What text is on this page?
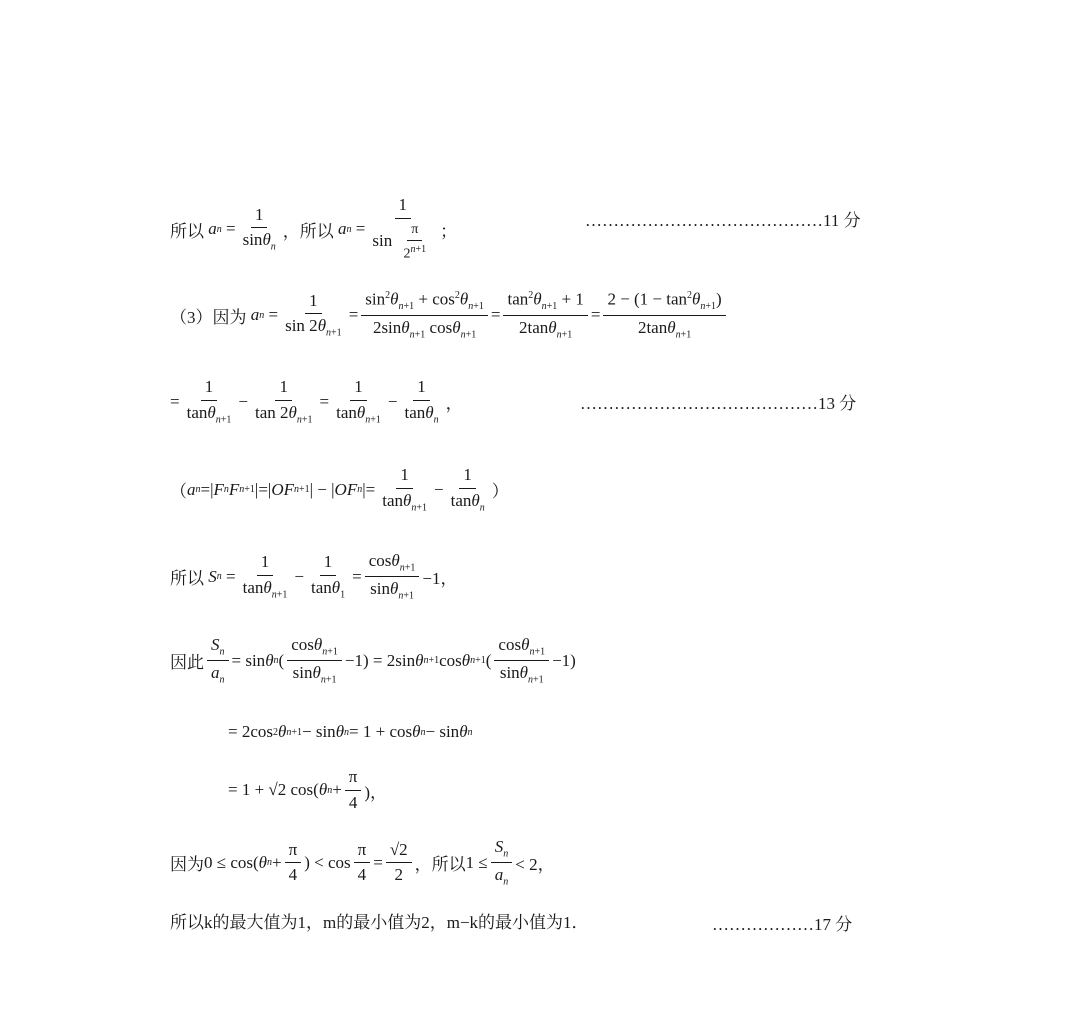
所以 a $n = \frac{1}{\sin\theta_n}$ ，所以 a $n = \frac{1}{\sin \frac{\pi}{2^{n+1}}}$ ；
……………………………………11 分
（3）因为 a $n = \frac{1}{\sin 2\theta_{n+1}} = \frac{\sin^2\theta_{n+1} + \cos^2\theta_{n+1}}{2\sin\theta_{n+1} \cos\theta_{n+1}} = \frac{\tan^2\theta_{n+1} + 1}{2\tan\theta_{n+1}} = \frac{2 - (1 - \tan^2\theta_{n+1})}{2\tan\theta_{n+1}}$
= $\frac{1}{\tan\theta_{n+1}} - \frac{1}{\tan 2\theta_{n+1}} = \frac{1}{\tan\theta_{n+1}} - \frac{1}{\tan\theta_n}$ ，	……………………………………13 分
（ a n =| F n F n+1 |=| OF n+1 | − | OF n |= $\frac{1}{\tan\theta_{n+1}} - \frac{1}{\tan\theta_n}$ ）
所以 S $n = \frac{1}{\tan\theta_{n+1}} - \frac{1}{\tan\theta_1} = \frac{\cos\theta_{n+1}}{\sin\theta_{n+1}} -1$，
因此 $\frac{S_n}{a_n} = \sin \theta$ n ( $\frac{\cos\theta_{n+1}}{\sin\theta_{n+1}} -1) = 2\sin$ θ n+1 cos θ n+1 ( $\frac{\cos\theta_{n+1}}{\sin\theta_{n+1}} -1$)
= 2cos 2 θ n+1 − sin θ n = 1 + cos θ n − sin θ n
= 1 + √2 cos( θ $n + \frac{\pi}{4}$ )，
因为 0 ≤ cos( θ $n + \frac{\pi}{4}$ ) < $\cos \frac{\pi}{4} = \frac{√2}{2}$ ，所以 $1 \le \frac{S_n}{a_n} < 2$，
所以k的最大值为1，m的最小值为2，m−k的最小值为1．	………………17 分
